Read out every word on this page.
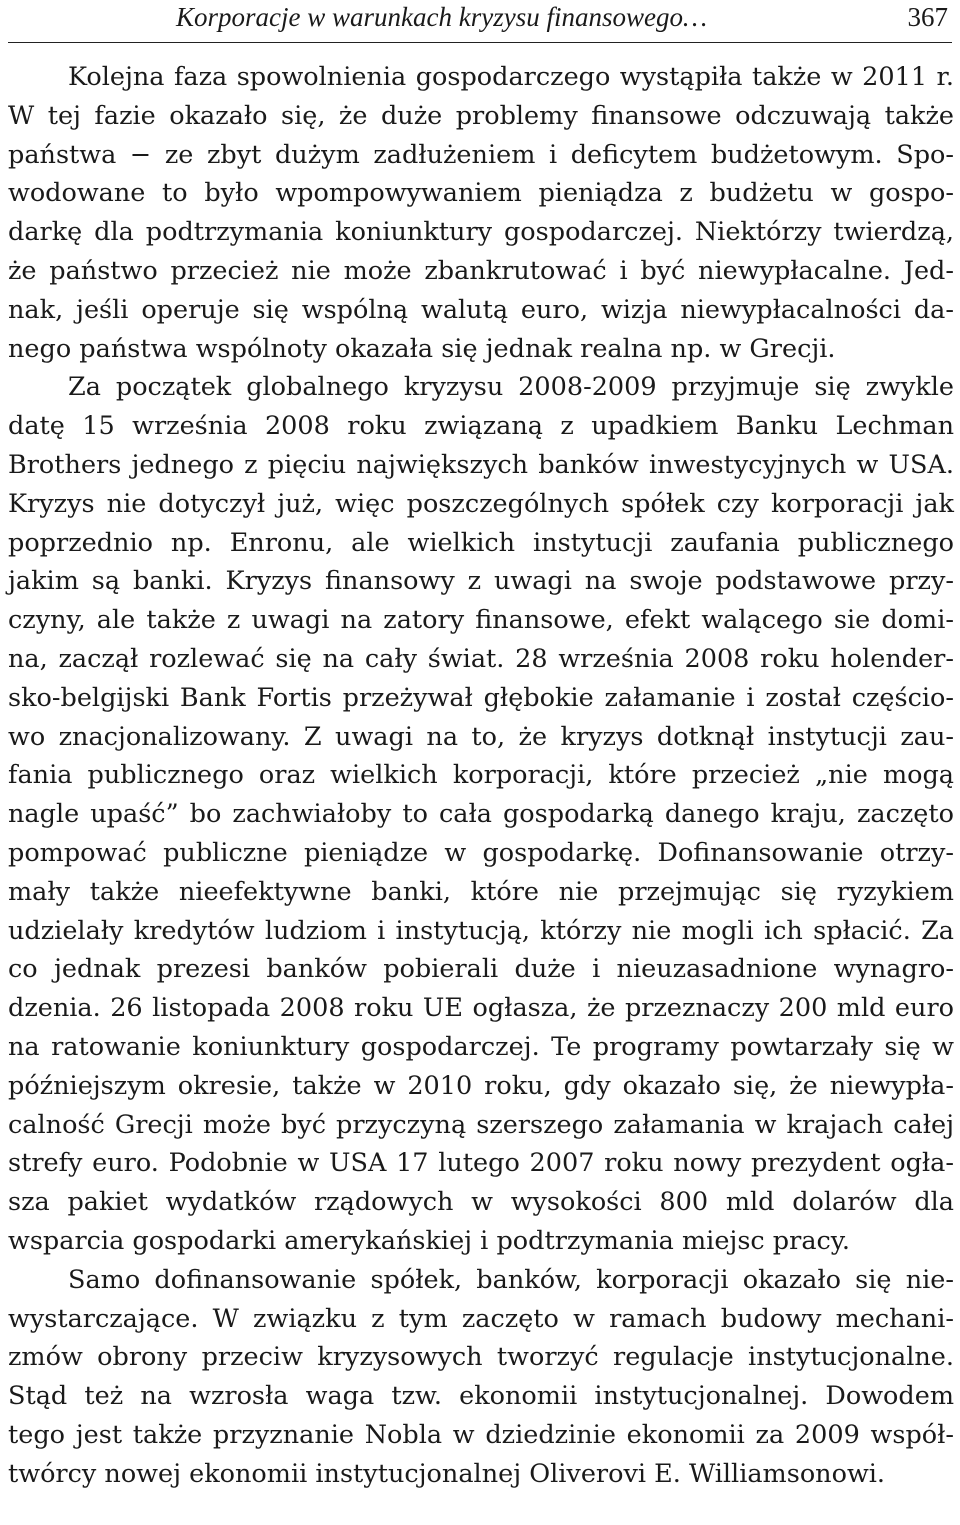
Korporacje w warunkach kryzysu finansowego…	367
Kolejna faza spowolnienia gospodarczego wystąpiła także w 2011 r.
W tej fazie okazało się, że duże problemy finansowe odczuwają także
państwa − ze zbyt dużym zadłużeniem i deficytem budżetowym. Spo-
wodowane to było wpompowywaniem pieniądza z budżetu w gospo-
darkę dla podtrzymania koniunktury gospodarczej. Niektórzy twierdzą,
że państwo przecież nie może zbankrutować i być niewypłacalne. Jed-
nak, jeśli operuje się wspólną walutą euro, wizja niewypłacalności da-
nego państwa wspólnoty okazała się jednak realna np. w Grecji.
Za początek globalnego kryzysu 2008-2009 przyjmuje się zwykle
datę 15 września 2008 roku związaną z upadkiem Banku Lechman
Brothers jednego z pięciu największych banków inwestycyjnych w USA.
Kryzys nie dotyczył już, więc poszczególnych spółek czy korporacji jak
poprzednio np. Enronu, ale wielkich instytucji zaufania publicznego
jakim są banki. Kryzys finansowy z uwagi na swoje podstawowe przy-
czyny, ale także z uwagi na zatory finansowe, efekt walącego sie domi-
na, zaczął rozlewać się na cały świat. 28 września 2008 roku holender-
sko-belgijski Bank Fortis przeżywał głębokie załamanie i został częścio-
wo znacjonalizowany. Z uwagi na to, że kryzys dotknął instytucji zau-
fania publicznego oraz wielkich korporacji, które przecież „nie mogą
nagle upaść” bo zachwiałoby to cała gospodarką danego kraju, zaczęto
pompować publiczne pieniądze w gospodarkę. Dofinansowanie otrzy-
mały także nieefektywne banki, które nie przejmując się ryzykiem
udzielały kredytów ludziom i instytucją, którzy nie mogli ich spłacić. Za
co jednak prezesi banków pobierali duże i nieuzasadnione wynagro-
dzenia. 26 listopada 2008 roku UE ogłasza, że przeznaczy 200 mld euro
na ratowanie koniunktury gospodarczej. Te programy powtarzały się w
późniejszym okresie, także w 2010 roku, gdy okazało się, że niewypła-
calność Grecji może być przyczyną szerszego załamania w krajach całej
strefy euro. Podobnie w USA 17 lutego 2007 roku nowy prezydent ogła-
sza pakiet wydatków rządowych w wysokości 800 mld dolarów dla
wsparcia gospodarki amerykańskiej i podtrzymania miejsc pracy.
Samo dofinansowanie spółek, banków, korporacji okazało się nie-
wystarczające. W związku z tym zaczęto w ramach budowy mechani-
zmów obrony przeciw kryzysowych tworzyć regulacje instytucjonalne.
Stąd też na wzrosła waga tzw. ekonomii instytucjonalnej. Dowodem
tego jest także przyznanie Nobla w dziedzinie ekonomii za 2009 współ-
twórcy nowej ekonomii instytucjonalnej Oliverovi E. Williamsonowi.
